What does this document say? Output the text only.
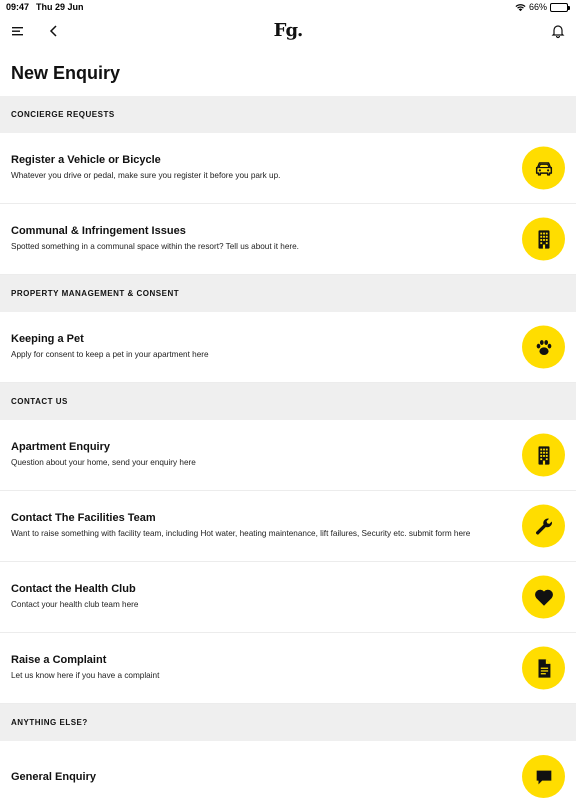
09:47 Thu 29 Jun	66%
Fg.
New Enquiry
CONCIERGE REQUESTS
Register a Vehicle or Bicycle
Whatever you drive or pedal, make sure you register it before you park up.
Communal & Infringement Issues
Spotted something in a communal space within the resort? Tell us about it here.
PROPERTY MANAGEMENT & CONSENT
Keeping a Pet
Apply for consent to keep a pet in your apartment here
CONTACT US
Apartment Enquiry
Question about your home, send your enquiry here
Contact The Facilities Team
Want to raise something with facility team, including Hot water, heating maintenance, lift failures, Security etc. submit form here
Contact the Health Club
Contact your health club team here
Raise a Complaint
Let us know here if you have a complaint
ANYTHING ELSE?
General Enquiry
